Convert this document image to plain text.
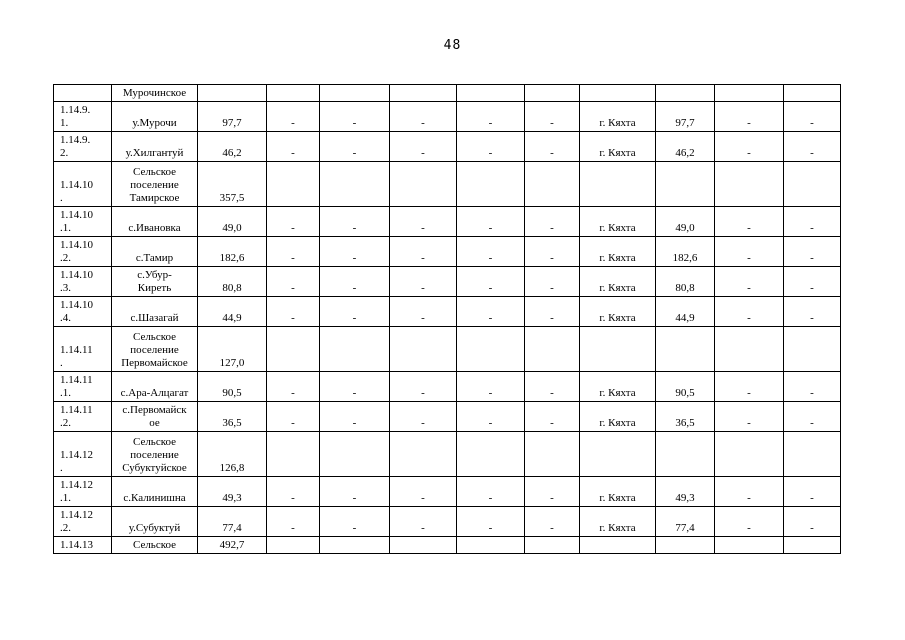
48
	Мурочинское										
1.14.9.
1.	у.Мурочи	97,7	-	-	-	-	-	г. Кяхта	97,7	-	-
1.14.9.
2.	у.Хилгантуй	46,2	-	-	-	-	-	г. Кяхта	46,2	-	-
1.14.10
.	Сельское
поселение
Тамирское	357,5									
1.14.10
.1.	с.Ивановка	49,0	-	-	-	-	-	г. Кяхта	49,0	-	-
1.14.10
.2.	с.Тамир	182,6	-	-	-	-	-	г. Кяхта	182,6	-	-
1.14.10
.3.	с.Убур-
Киреть	80,8	-	-	-	-	-	г. Кяхта	80,8	-	-
1.14.10
.4.	с.Шазагай	44,9	-	-	-	-	-	г. Кяхта	44,9	-	-
1.14.11
.	Сельское
поселение
Первомайское	127,0									
1.14.11
.1.	с.Ара-Алцагат	90,5	-	-	-	-	-	г. Кяхта	90,5	-	-
1.14.11
.2.	с.Первомайск
ое	36,5	-	-	-	-	-	г. Кяхта	36,5	-	-
1.14.12
.	Сельское
поселение
Субуктуйское	126,8									
1.14.12
.1.	с.Калинишна	49,3	-	-	-	-	-	г. Кяхта	49,3	-	-
1.14.12
.2.	у.Субуктуй	77,4	-	-	-	-	-	г. Кяхта	77,4	-	-
1.14.13	Сельское	492,7									
